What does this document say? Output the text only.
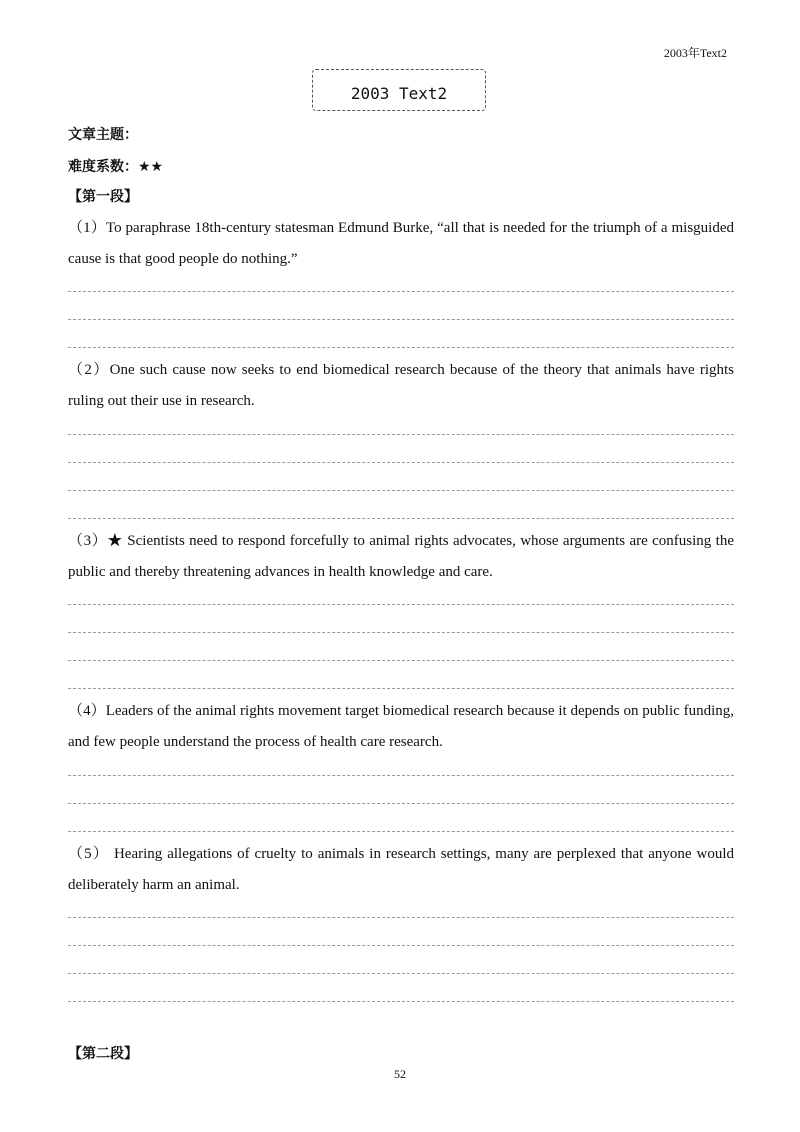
2003年Text2
2003 Text2
文章主题：
难度系数：★★
【第一段】
（1）To paraphrase 18th-century statesman Edmund Burke, “all that is needed for the triumph of a misguided cause is that good people do nothing.”
（2）One such cause now seeks to end biomedical research because of the theory that animals have rights ruling out their use in research.
（3）★ Scientists need to respond forcefully to animal rights advocates, whose arguments are confusing the public and thereby threatening advances in health knowledge and care.
（4）Leaders of the animal rights movement target biomedical research because it depends on public funding, and few people understand the process of health care research.
（5） Hearing allegations of cruelty to animals in research settings, many are perplexed that anyone would deliberately harm an animal.
【第二段】
52
